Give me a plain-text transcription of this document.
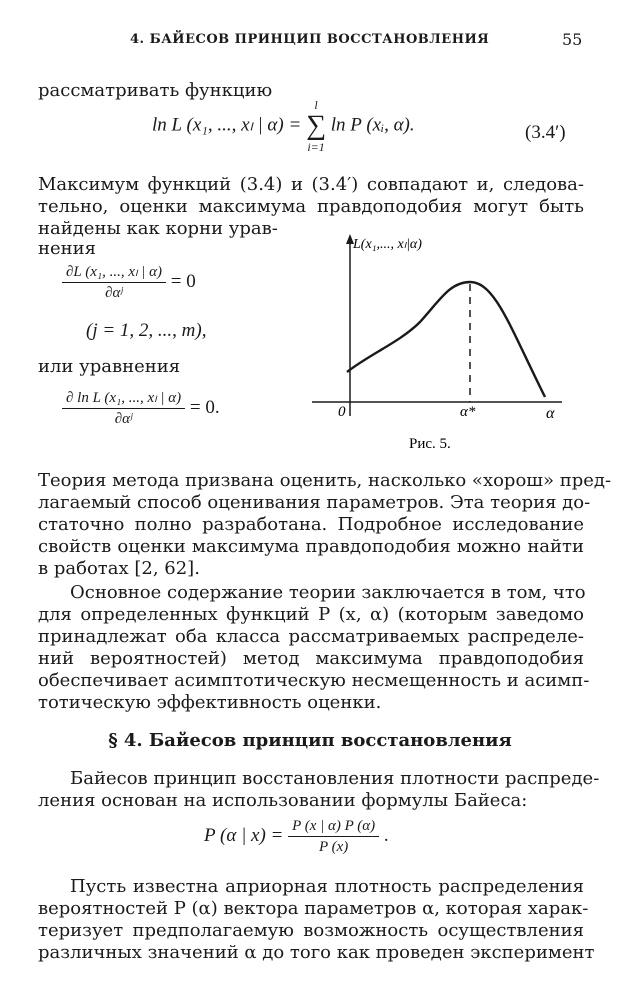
4. БАЙЕСОВ ПРИНЦИП ВОССТАНОВЛЕНИЯ	55
рассматривать функцию
ln L (x₁, ..., xₗ | α) =
l
∑
i=1
ln P (xᵢ, α).	(3.4′)
Максимум функций (3.4) и (3.4′) совпадают и, следова-
тельно, оценки максимума правдоподобия могут быть
найдены как корни урав-
нения
$\frac{\text{∂L (x₁, ..., xₗ | α)}}{\text{∂αʲ}} = 0$
(j = 1, 2, ..., m),
или уравнения
$\frac{\text{∂ ln L (x₁, ..., xₗ | α)}}{\text{∂αʲ}} = 0$.
L(x₁,..., xₗ|α)
0	α*	α
Рис. 5.
Теория метода призвана оценить, насколько «хорош» пред-
лагаемый способ оценивания параметров. Эта теория до-
статочно полно разработана. Подробное исследование
свойств оценки максимума правдоподобия можно найти
в работах [2, 62].
Основное содержание теории заключается в том, что
для определенных функций P (x, α) (которым заведомо
принадлежат оба класса рассматриваемых распределе-
ний вероятностей) метод максимума правдоподобия
обеспечивает асимптотическую несмещенность и асимп-
тотическую эффективность оценки.
§ 4. Байесов принцип восстановления
Байесов принцип восстановления плотности распреде-
ления основан на использовании формулы Байеса:
P (α | $x) = \frac{P (x | \alpha) P (\alpha)}{P (x)}$ .
Пусть известна априорная плотность распределения
вероятностей P (α) вектора параметров α, которая харак-
теризует предполагаемую возможность осуществления
различных значений α до того как проведен эксперимент
